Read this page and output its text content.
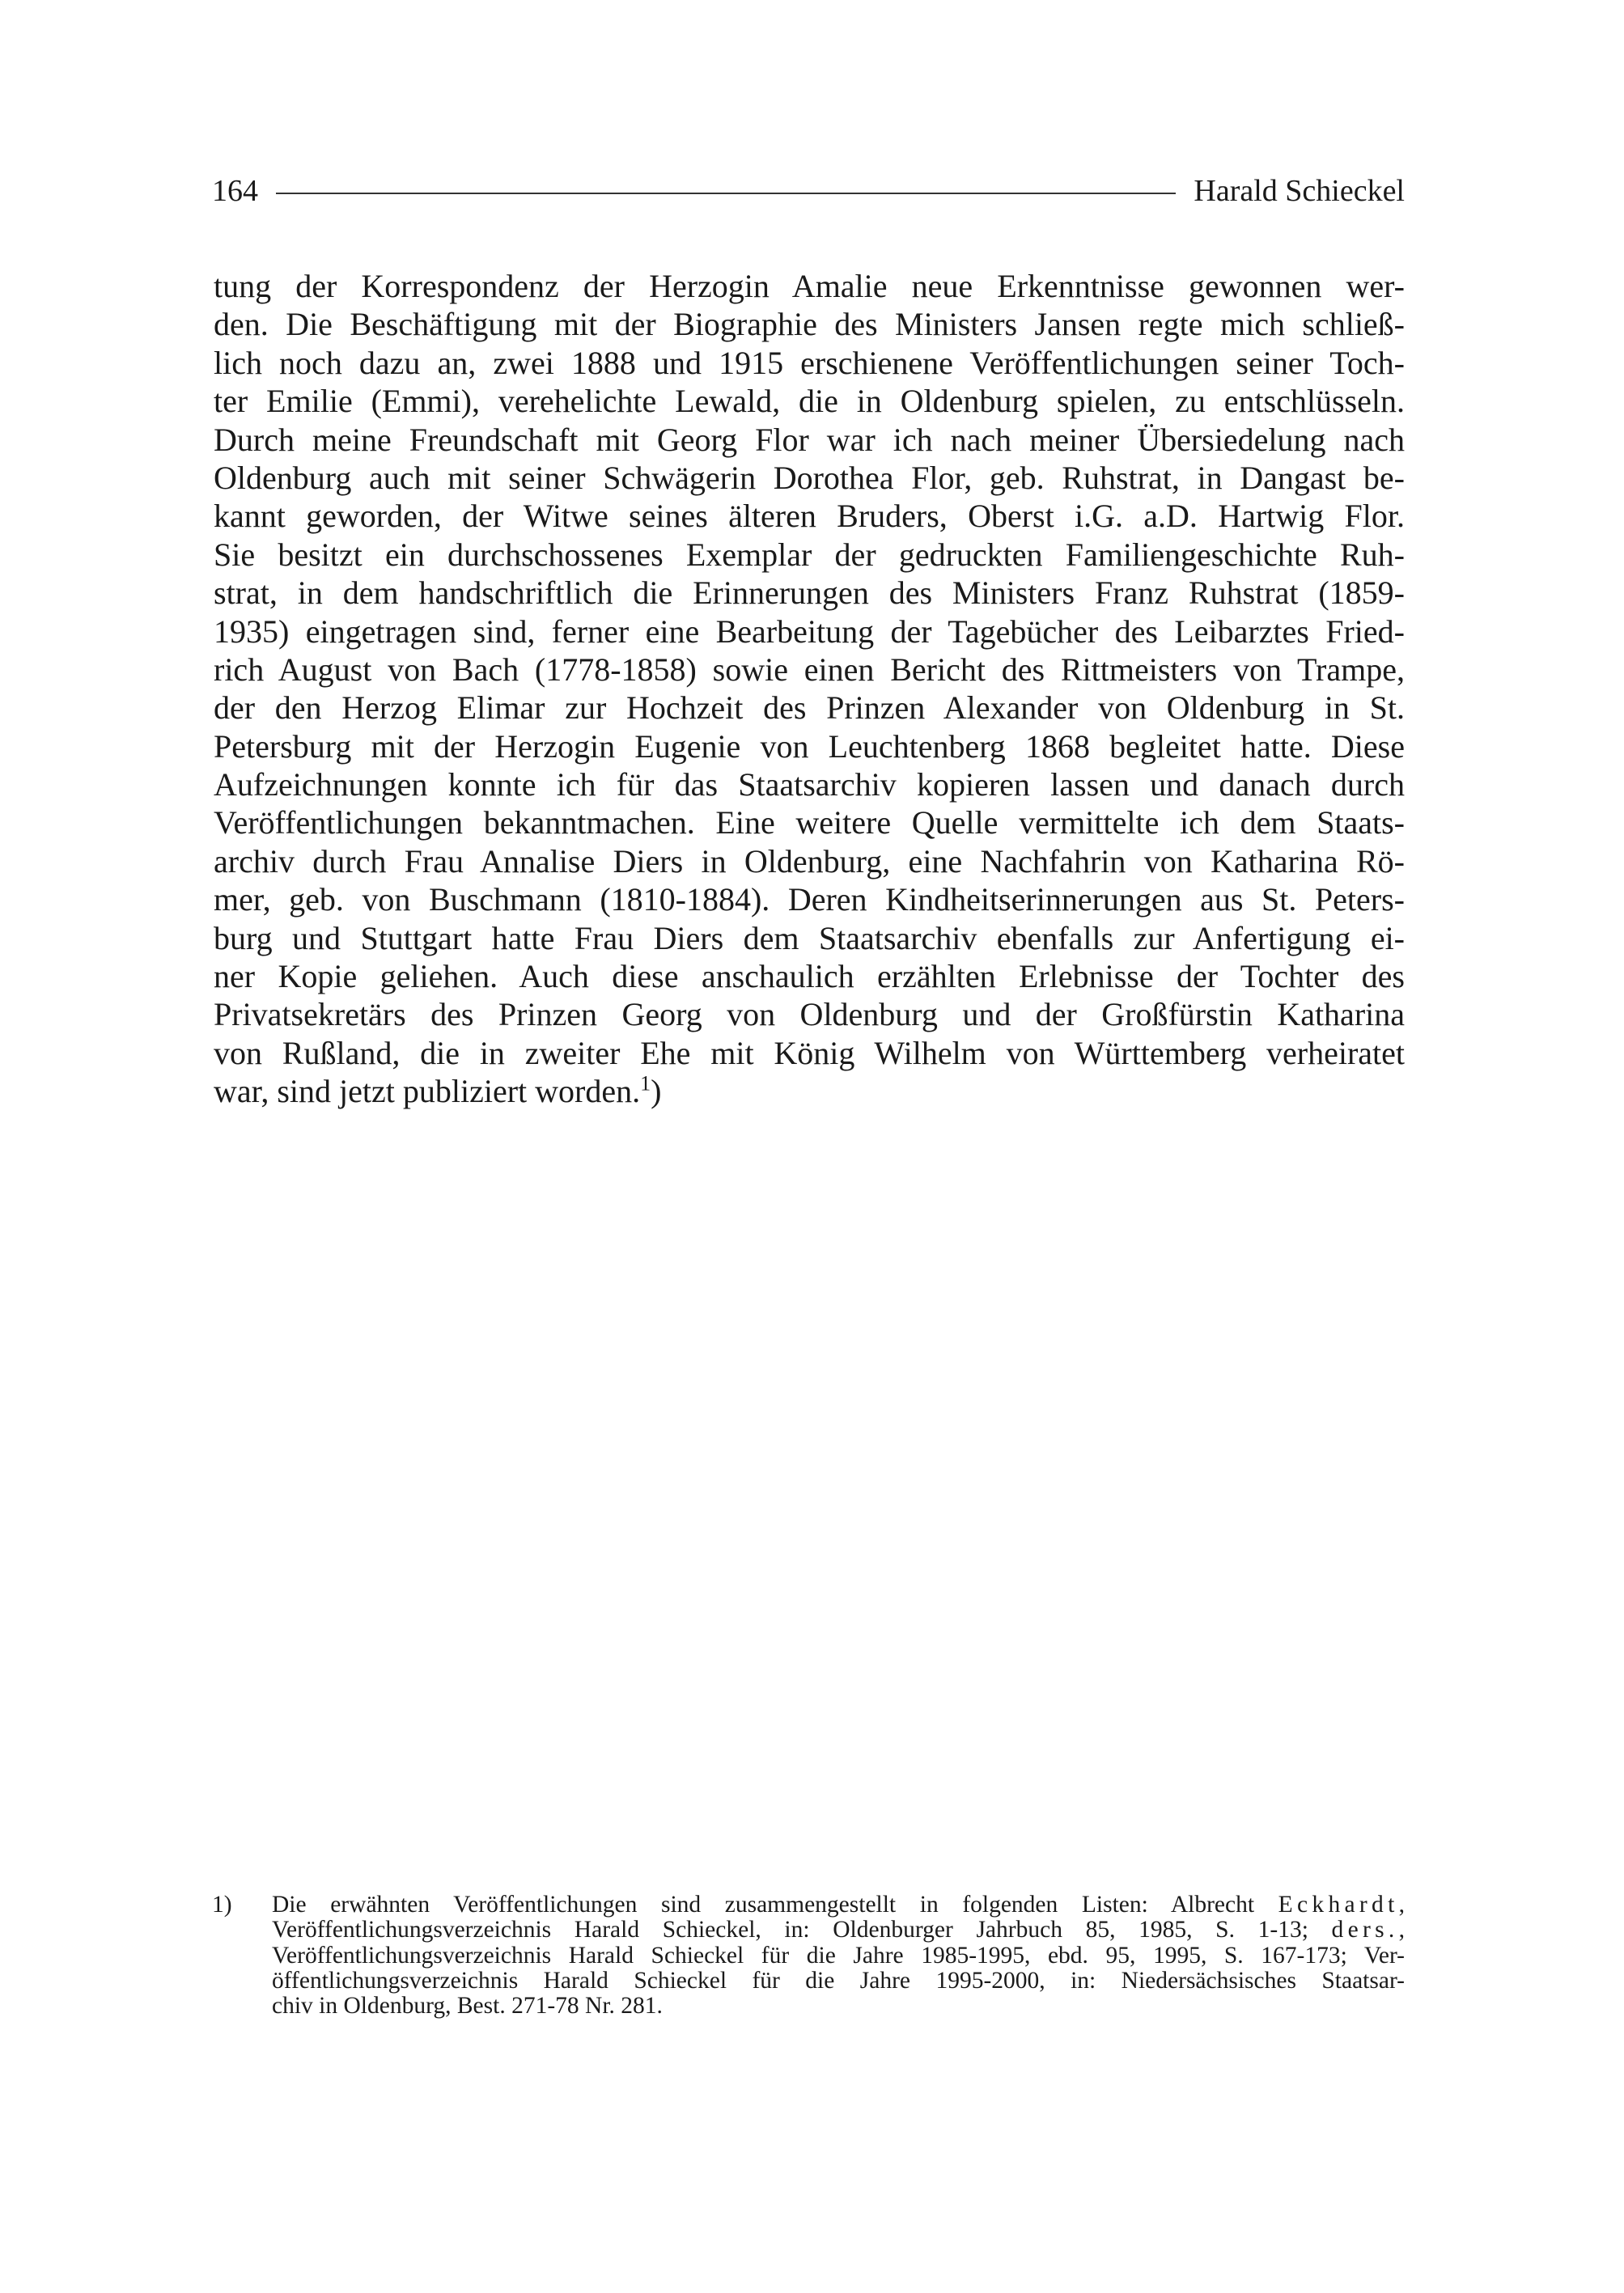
164	Harald Schieckel
tung der Korrespondenz der Herzogin Amalie neue Erkenntnisse gewonnen wer-
den. Die Beschäftigung mit der Biographie des Ministers Jansen regte mich schließ-
lich noch dazu an, zwei 1888 und 1915 erschienene Veröffentlichungen seiner Toch-
ter Emilie (Emmi), verehelichte Lewald, die in Oldenburg spielen, zu entschlüsseln.
Durch meine Freundschaft mit Georg Flor war ich nach meiner Übersiedelung nach
Oldenburg auch mit seiner Schwägerin Dorothea Flor, geb. Ruhstrat, in Dangast be-
kannt geworden, der Witwe seines älteren Bruders, Oberst i.G. a.D. Hartwig Flor.
Sie besitzt ein durchschossenes Exemplar der gedruckten Familiengeschichte Ruh-
strat, in dem handschriftlich die Erinnerungen des Ministers Franz Ruhstrat (1859-
1935) eingetragen sind, ferner eine Bearbeitung der Tagebücher des Leibarztes Fried-
rich August von Bach (1778-1858) sowie einen Bericht des Rittmeisters von Trampe,
der den Herzog Elimar zur Hochzeit des Prinzen Alexander von Oldenburg in St.
Petersburg mit der Herzogin Eugenie von Leuchtenberg 1868 begleitet hatte. Diese
Aufzeichnungen konnte ich für das Staatsarchiv kopieren lassen und danach durch
Veröffentlichungen bekanntmachen. Eine weitere Quelle vermittelte ich dem Staats-
archiv durch Frau Annalise Diers in Oldenburg, eine Nachfahrin von Katharina Rö-
mer, geb. von Buschmann (1810-1884). Deren Kindheitserinnerungen aus St. Peters-
burg und Stuttgart hatte Frau Diers dem Staatsarchiv ebenfalls zur Anfertigung ei-
ner Kopie geliehen. Auch diese anschaulich erzählten Erlebnisse der Tochter des
Privatsekretärs des Prinzen Georg von Oldenburg und der Großfürstin Katharina
von Rußland, die in zweiter Ehe mit König Wilhelm von Württemberg verheiratet
war, sind jetzt publiziert worden.$^1$)
1) Die erwähnten Veröffentlichungen sind zusammengestellt in folgenden Listen: Albrecht Eckhardt,
Veröffentlichungsverzeichnis Harald Schieckel, in: Oldenburger Jahrbuch 85, 1985, S. 1-13; ders.,
Veröffentlichungsverzeichnis Harald Schieckel für die Jahre 1985-1995, ebd. 95, 1995, S. 167-173; Ver-
öffentlichungsverzeichnis Harald Schieckel für die Jahre 1995-2000, in: Niedersächsisches Staatsar-
chiv in Oldenburg, Best. 271-78 Nr. 281.
